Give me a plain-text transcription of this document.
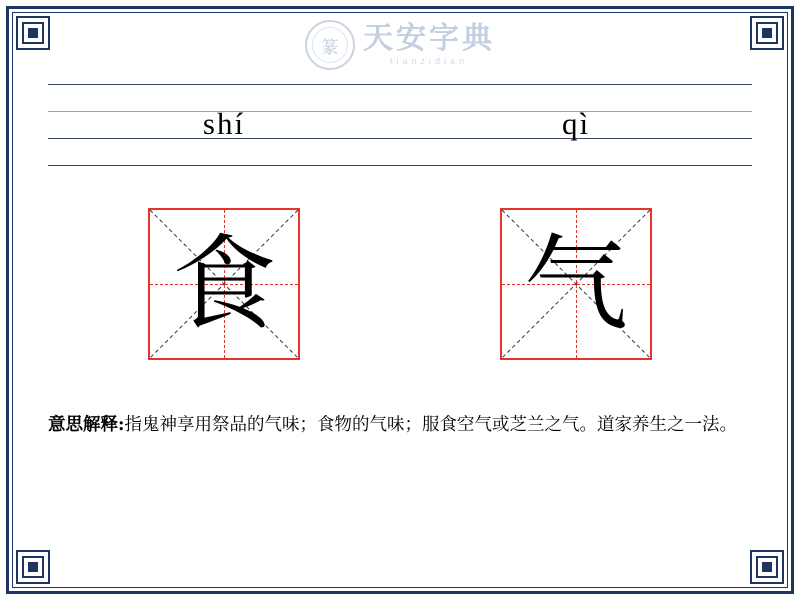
篆 天安字典
tianzidian
shí	qì
食 气
意思解释:指鬼神享用祭品的气味；食物的气味；服食空气或芝兰之气。道家养生之一法。
